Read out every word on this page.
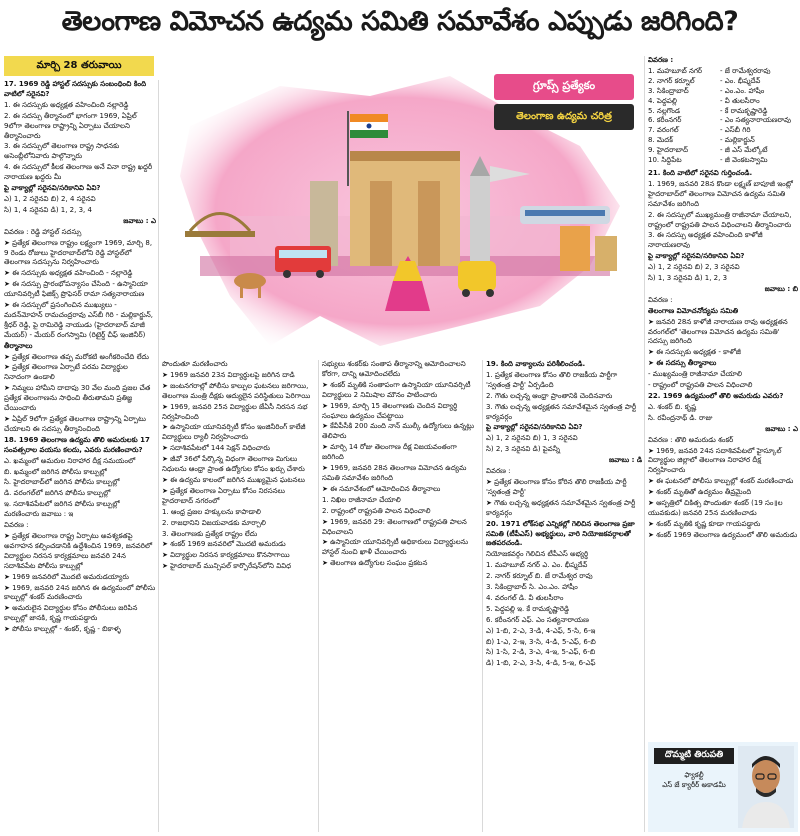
తెలంగాణ విమోచన ఉద్యమ సమితి సమావేశం ఎప్పుడు జరిగింది?
మార్చి 28 తరువాయి
గ్రూప్స్ ప్రత్యేకం
తెలంగాణ ఉద్యమ చరిత్ర

17. 1969 రెడ్డి హాస్టల్ సదస్సుకు సంబంధించి కింది వాటిలో సరైనవి?

1. ఈ సదస్సుకు అధ్యక్షత వహించింది నల్లారెడ్డి

2. ఈ సదస్సు తీర్మానంలో భాగంగా 1969, ఏప్రిల్ 9లోగా తెలంగాణ రాష్ట్రాన్ని ఏర్పాటు చేయాలని తీర్మానించారు

3. ఈ సదస్సులో తెలంగాణ రాష్ట్ర సాధనకు అసెంబ్లీలోనివారు పాల్గొన్నారు

4. ఈ సదస్సులో కీలక తెలంగాణ అనే వినా రాష్ట్ర ఖద్దరీ నారాయణ ఖద్దరు మీ

పై వాక్యాల్లో సరైనవి/సరికానివి ఏవి?

ఎ) 1, 2 సరైనవి బి) 2, 4 సరైనవి

సి) 1, 4 సరైనవి డి) 1, 2, 3, 4

జవాబు : ఎ

వివరణ : రెడ్డి హాస్టల్ సదస్సు

➤ ప్రత్యేక తెలంగాణ రాష్ట్రం లక్ష్యంగా 1969, మార్చి 8, 9 రెండు రోజులు హైదరాబాద్‌లోని రెడ్డి హాస్టల్‌లో తెలంగాణ సదస్సును నిర్వహించారు

➤ ఈ సదస్సుకు అధ్యక్షత వహించింది - నల్లారెడ్డి

➤ ఈ సదస్సు ప్రారంభోపన్యాసం చేసింది - ఉస్మానియా యూనివర్సిటీ ఫిజిక్స్ ప్రొఫెసర్ రామా సత్యనారాయణ

➤ ఈ సదస్సులో ప్రసంగించిన ముఖ్యులు - మదన్‌మోహన్ రామచంద్రరావు ఎస్‌బీ గిరి - మల్లికార్జున్, శ్రీధర్ రెడ్డి, పై రామిరెడ్డి నాయుడు (హైదరాబాద్ మాజీ మేయర్) - మేయర్ రంగస్వామి (రిటైర్డ్ చీఫ్ ఇంజినీర్)

తీర్మానాలు

➤ ప్రత్యేక తెలంగాణ తప్ప మరోకటి అంగీకరించేది లేదు

➤ ప్రత్యేక తెలంగాణ ఏర్పాటే పరమ విద్యార్థుల నినాదంగా ఉండాలి

➤ నిమ్మలు హామీని దాదాపు 30 వేల మంది ప్రజల చేత ప్రత్యేక తెలంగాణను సాధించి తీరుతామని ప్రతిజ్ఞ చేయించారు

➤ ఏప్రిల్ 9లోగా ప్రత్యేక తెలంగాణ రాష్ట్రాన్ని ఏర్పాటు చేయాలని ఈ సదస్సు తీర్మానించింది

18. 1969 తెలంగాణ ఉద్యమ తొలి అమరులకు 17 సంవత్సరాల వయసు కలదు, ఎవరు మరణించారు?

ఎ. ఖమ్మంలో అమరుల నిరాహార దీక్ష సమయంలో

బి. ఖమ్మంలో జరిగిన పోలీసు కాల్పుల్లో

సి. హైదరాబాద్‌లో జరిగిన పోలీసు కాల్పుల్లో

డి. వరంగల్‌లో జరిగిన పోలీసు కాల్పుల్లో

ఇ. సదాశివపేటలో జరిగిన పోలీసు కాల్పుల్లో మరణించారు జవాబు : ఇ

వివరణ :

➤ ప్రత్యేక తెలంగాణ రాష్ట్ర ఏర్పాటు అవశ్యకతపై అవగాహన కల్పించడానికి ఉద్దేశించిన 1969, జనవరిలో విద్యార్థుల నిరసన కార్యక్రమాలు జనవరి 24న సదాశివపేట పోలీసు కాల్పుల్లో

➤ 1969 జనవరిలో మొదటి అమరుడయ్యారు

➤ 1969, జనవరి 24న జరిగిన ఈ ఉద్యమంలో పోలీసు కాల్పుల్లో శంకర్ మరణించారు

➤ అమరులైన విద్యార్థుల కోసం పోలీసులు జరిపిన కాల్పుల్లో జానకి, కృష్ణ గాయపడ్డారు

➤ పోలీసు కాల్పుల్లో - శంకర్, కృష్ణ - బికాళ్ళ

పొందుతూ మరణించారు

➤ 1969 జనవరి 23న విద్యార్థులపై జరిగిన దాడి

➤ జంటనగరాల్లో పోలీసు కాల్పుల ఘటనలు జరిగాయి, తెలంగాణ మంత్రి దీక్షకు ఆద్యులైన పరిస్థితులు పెరిగాయి

➤ 1969, జనవరి 25న విద్యార్థుల జేఏసీ నిరసన సభ నిర్వహించింది

➤ ఉస్మానియా యూనివర్సిటీ కోసం ఇంజినీరింగ్ కాలేజీ విద్యార్థులు ర్యాలీ నిర్వహించారు

➤ సదాశివపేటలో 144 సెక్షన్ విధించారు

➤ జీవో 36లో పేర్కొన్న విధంగా తెలంగాణ మిగులు నిధులను ఆంధ్రా ప్రాంత ఉద్యోగుల కోసం ఖర్చు చేశారు

➤ ఈ ఉద్యమ కాలంలో జరిగిన ముఖ్యమైన ఘటనలు

➤ ప్రత్యేక తెలంగాణ ఏర్పాటు కోసం నిరసనలు హైదరాబాద్ నగరంలో

1. ఆంధ్ర ప్రజల హక్కులను కాపాడాలి

2. రాజధానిని విజయవాడకు మార్చాలి

3. తెలంగాణకు ప్రత్యేక రాష్ట్రం లేదు

➤ శంకర్ 1969 జనవరిలో మొదటి అమరుడు

➤ విద్యార్థుల నిరసన కార్యక్రమాలు కొనసాగాయి

➤ హైదరాబాద్ మున్సిపల్ కార్పొరేషన్‌లోని వివిధ

సభ్యులు శంకర్‌కు సంతాప తీర్మానాన్ని ఆమోదించాలని కోరగా, దాన్ని ఆమోదించలేదు

➤ శంకర్ మృతికి సంతాపంగా ఉస్మానియా యూనివర్సిటీ విద్యార్థులు 2 నిమిషాల మౌనం పాటించారు

➤ 1969, మార్చి 15 తెలంగాణకు చెందిన విద్యార్థి సంఘాలు ఉద్యమం చేపట్టాయి

➤ కేవీపీసీకి 200 మంది నాన్ ముల్కీ ఉద్యోగులు ఉన్నట్లు తెలిపారు

➤ మార్చి 14 రోజు తెలంగాణ దీక్ష విజయవంతంగా జరిగింది

➤ 1969, జనవరి 28న తెలంగాణ విమోచన ఉద్యమ సమితి సమావేశం జరిగింది

➤ ఈ సమావేశంలో ఆమోదించిన తీర్మానాలు

1. నిఖిల రాజీనామా చేయాలి

2. రాష్ట్రంలో రాష్ట్రపతి పాలన విధించాలి

➤ 1969, జనవరి 29: తెలంగాణలో రాష్ట్రపతి పాలన విధించాలని

➤ ఉస్మానియా యూనివర్సిటీ అధికారులు విద్యార్థులను హాస్టల్ నుంచి ఖాళీ చేయించారు

➤ తెలంగాణ ఉద్యోగుల సంఘం ప్రకటన

19. కింది వాక్యాలను పరిశీలించండి.

1. ప్రత్యేక తెలంగాణ కోసం తొలి రాజకీయ పార్టీగా 'స్వతంత్ర పార్టీ' ఏర్పడింది

2. గౌతు లచ్చన్న ఆంధ్రా ప్రాంతానికి చెందినవారు

3. గౌతు లచ్చన్న అధ్యక్షతన సమావేశమైన స్వతంత్ర పార్టీ కార్యవర్గం

పై వాక్యాల్లో సరైనవి/సరికానివి ఏవి?

ఎ) 1, 2 సరైనవి బి) 1, 3 సరైనవి

సి) 2, 3 సరైనవి డి) పైవన్నీ

జవాబు : డి

వివరణ :

➤ ప్రత్యేక తెలంగాణ కోసం కోరిన తొలి రాజకీయ పార్టీ 'స్వతంత్ర పార్టీ'

➤ గౌతు లచ్చన్న అధ్యక్షతన సమావేశమైన స్వతంత్ర పార్టీ కార్యవర్గం

20. 1971 లోక్‌సభ ఎన్నికల్లో గెలిచిన తెలంగాణ ప్రజా సమితి (టీపీఎస్) అభ్యర్థులు, వారి నియోజకవర్గాలతో జతపరచండి.

నియోజకవర్గం గెలిచిన టీపీఎస్ అభ్యర్థి

1. మహబూబ్ నగర్ ఎ. ఎం. భీష్మదేవ్

2. నాగర్ కర్నూల్ బి. జే రామేశ్వర రావు

3. సికింద్రాబాద్ సి. ఎం.ఎం. హాషీం

4. వరంగల్ డి. వీ తులసీరాం

5. పెద్దపల్లి ఇ. కే రామకృష్ణారెడ్డి

6. కరీంనగర్ ఎఫ్. ఎం సత్యనారాయణ

ఎ) 1-బి, 2-ఎ, 3-డి, 4-ఎఫ్, 5-సి, 6-ఇ

బి) 1-ఎ, 2-ఇ, 3-సి, 4-డి, 5-ఎఫ్, 6-బి

సి) 1-సి, 2-డి, 3-ఎ, 4-ఇ, 5-ఎఫ్, 6-బి

డి) 1-బి, 2-ఎ, 3-సి, 4-డి, 5-ఇ, 6-ఎఫ్

వివరణ :

1. మహబూబ్ నగర్	- జే రామేశ్వరరావు
2. నాగర్ కర్నూల్	- ఎం. భీష్మదేవ్
3. సికింద్రాబాద్	- ఎం.ఎం. హాషీం
4. పెద్దపల్లి	- వీ తులసీరాం
5. నల్లగొండ	- కే రామకృష్ణారెడ్డి
6. కరీంనగర్	- ఎం సత్యనారాయణరావు
7. వరంగల్	- ఎస్‌బీ గిరి
8. మెదక్	- మల్లికార్జున్
9. హైదరాబాద్	- జీ ఎస్ మేల్కోటే
10. సిద్దిపేట	- జీ వెంకటస్వామి

21. కింది వాటిలో సరైనవి గుర్తించండి.

1. 1969, జనవరి 28న కొండా లక్ష్మణ్ బాపూజీ ఇంట్లో హైదరాబాద్‌లో తెలంగాణ విమోచన ఉద్యమ సమితి సమావేశం జరిగింది

2. ఈ సదస్సులో ముఖ్యమంత్రి రాజీనామా చేయాలని, రాష్ట్రంలో రాష్ట్రపతి పాలన విధించాలని తీర్మానించారు

3. ఈ సదస్సు అధ్యక్షత వహించింది కాళోజీ నారాయణరావు

పై వాక్యాల్లో సరైనవి/సరికానివి ఏవి?

ఎ) 1, 2 సరైనవి బి) 2, 3 సరైనవి

సి) 1, 3 సరైనవి డి) 1, 2, 3

జవాబు : బి

వివరణ :

తెలంగాణ విమోచనోద్యమ సమితి

➤ జనవరి 28న కాళోజీ నారాయణ రావు అధ్యక్షతన వరంగల్‌లో 'తెలంగాణ విమోచన ఉద్యమ సమితి' సదస్సు జరిగింది

➤ ఈ సదస్సుకు అధ్యక్షత - కాళోజీ

➤ ఈ సదస్సు తీర్మానాలు

- ముఖ్యమంత్రి రాజీనామా చేయాలి

- రాష్ట్రంలో రాష్ట్రపతి పాలన విధించాలి

22. 1969 ఉద్యమంలో తొలి అమరుడు ఎవరు?

ఎ. శంకర్ బి. కృష్ణ

సి. రవీంద్రనాథ్ డి. రాజు

జవాబు : ఎ

వివరణ : తొలి అమరుడు శంకర్

➤ 1969, జనవరి 24న సదాశివపేటలో హైస్కూల్ విద్యార్థుల జిల్లాలో తెలంగాణ నిరాహార దీక్ష నిర్వహించారు

➤ ఈ ఘటనలో పోలీసు కాల్పుల్లో శంకర్ మరణించాడు

➤ శంకర్ మృతితో ఉద్యమం తీవ్రమైంది

➤ ఆస్పత్రిలో చికిత్స పొందుతూ శంకర్ (19 సం॥ల యువకుడు) జనవరి 25న మరణించాడు

➤ శంకర్ మృతికి కృష్ణ కూడా గాయపడ్డారు

➤ శంకర్ 1969 తెలంగాణ ఉద్యమంలో తొలి అమరుడు

దొమ్మటి తిరుపతి
ఫ్యాకల్టీ
ఎస్ జే క్యారీర్ అకాడమీ
